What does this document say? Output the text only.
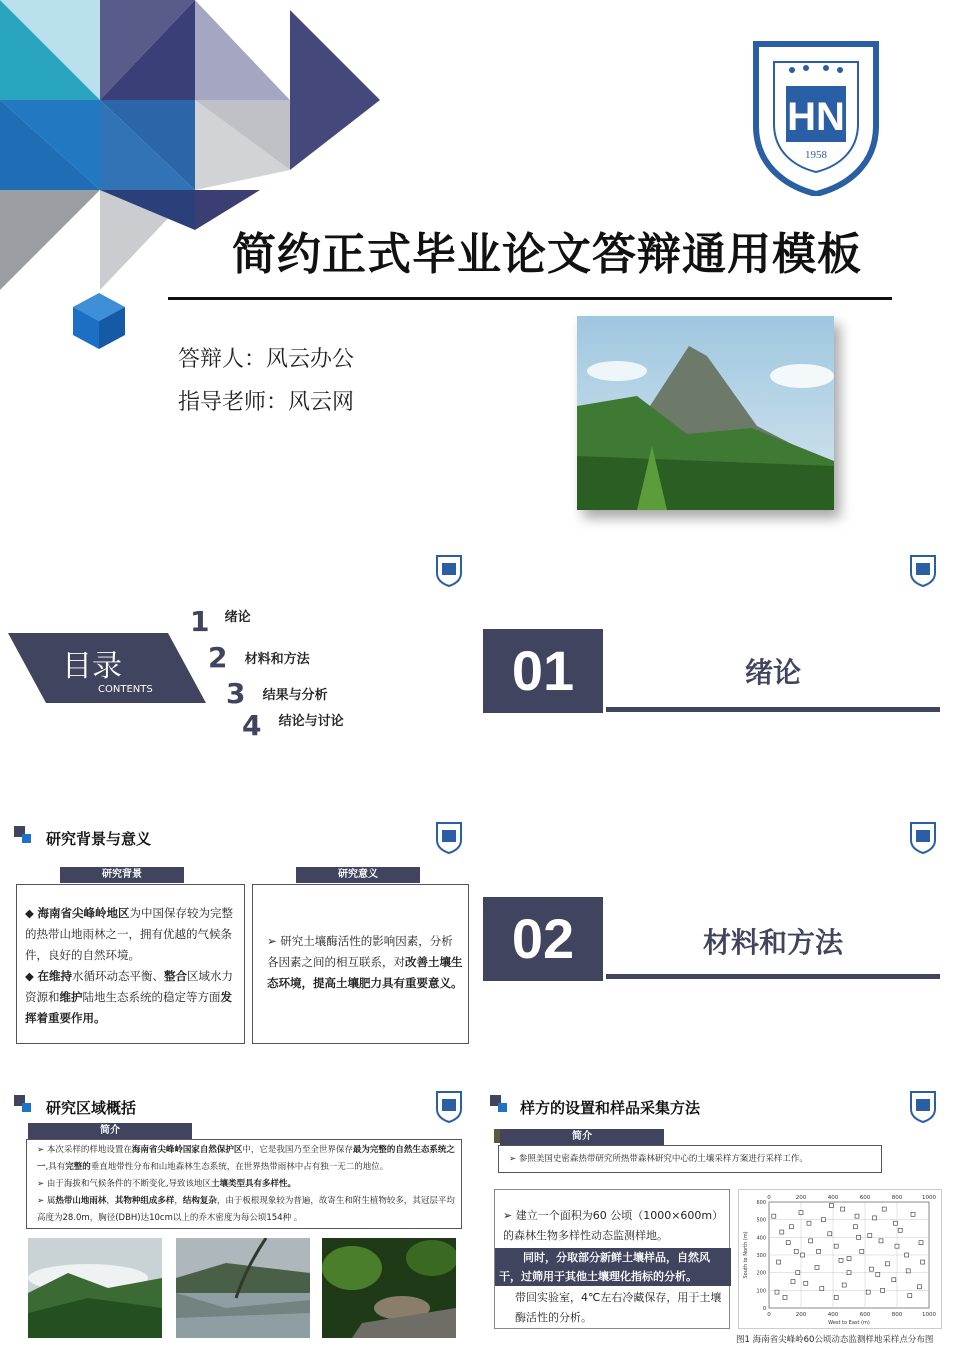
HN
1958
简约正式毕业论文答辩通用模板
答辩人：风云办公
指导老师：风云网
目录
CONTENTS
1 $^{绪论}$
2 $^{材料和方法}$
3 $^{结果与分析}$
4 $^{结论与讨论}$
01	绪论
研究背景与意义
研究背景
◆ 海南省尖峰岭地区为中国保存较为完整的热带山地雨林之一，拥有优越的气候条件，良好的自然环境。
◆ 在维持水循环动态平衡、整合区域水力资源和维护陆地生态系统的稳定等方面发挥着重要作用。
研究意义
➢ 研究土壤酶活性的影响因素，分析各因素之间的相互联系，对改善土壤生态环境，提高土壤肥力具有重要意义。
02	材料和方法
研究区域概括
简介
➢ 本次采样的样地设置在海南省尖峰岭国家自然保护区中，它是我国乃至全世界保存最为完整的自然生态系统之一,具有完整的垂直地带性分布和山地森林生态系统，在世界热带雨林中占有独一无二的地位。
➢ 由于海拔和气候条件的不断变化,导致该地区土壤类型具有多样性。
➢ 属热带山地雨林，其物种组成多样，结构复杂，由于板根现象较为普遍，故寄生和附生植物较多，其冠层平均高度为28.0m，胸径(DBH)达10cm以上的乔木密度为每公顷154种 。
样方的设置和样品采集方法
简介
➢ 参照美国史密森热带研究所热带森林研究中心的土壤采样方案进行采样工作。
➢ 建立一个面积为60 公顷（1000×600m）的森林生物多样性动态监测样地。
同时，分取部分新鲜土壤样品，自然风干，过筛用于其他土壤理化指标的分析。
带回实验室，4℃左右冷藏保存，用于土壤酶活性的分析。	0
0
200
200
400
400
600
600
800
800
1000
1000
0
100
200
300
400
500
600
West to East (m)
South to North (m)
图1 海南省尖峰岭60公顷动态监测样地采样点分布图
